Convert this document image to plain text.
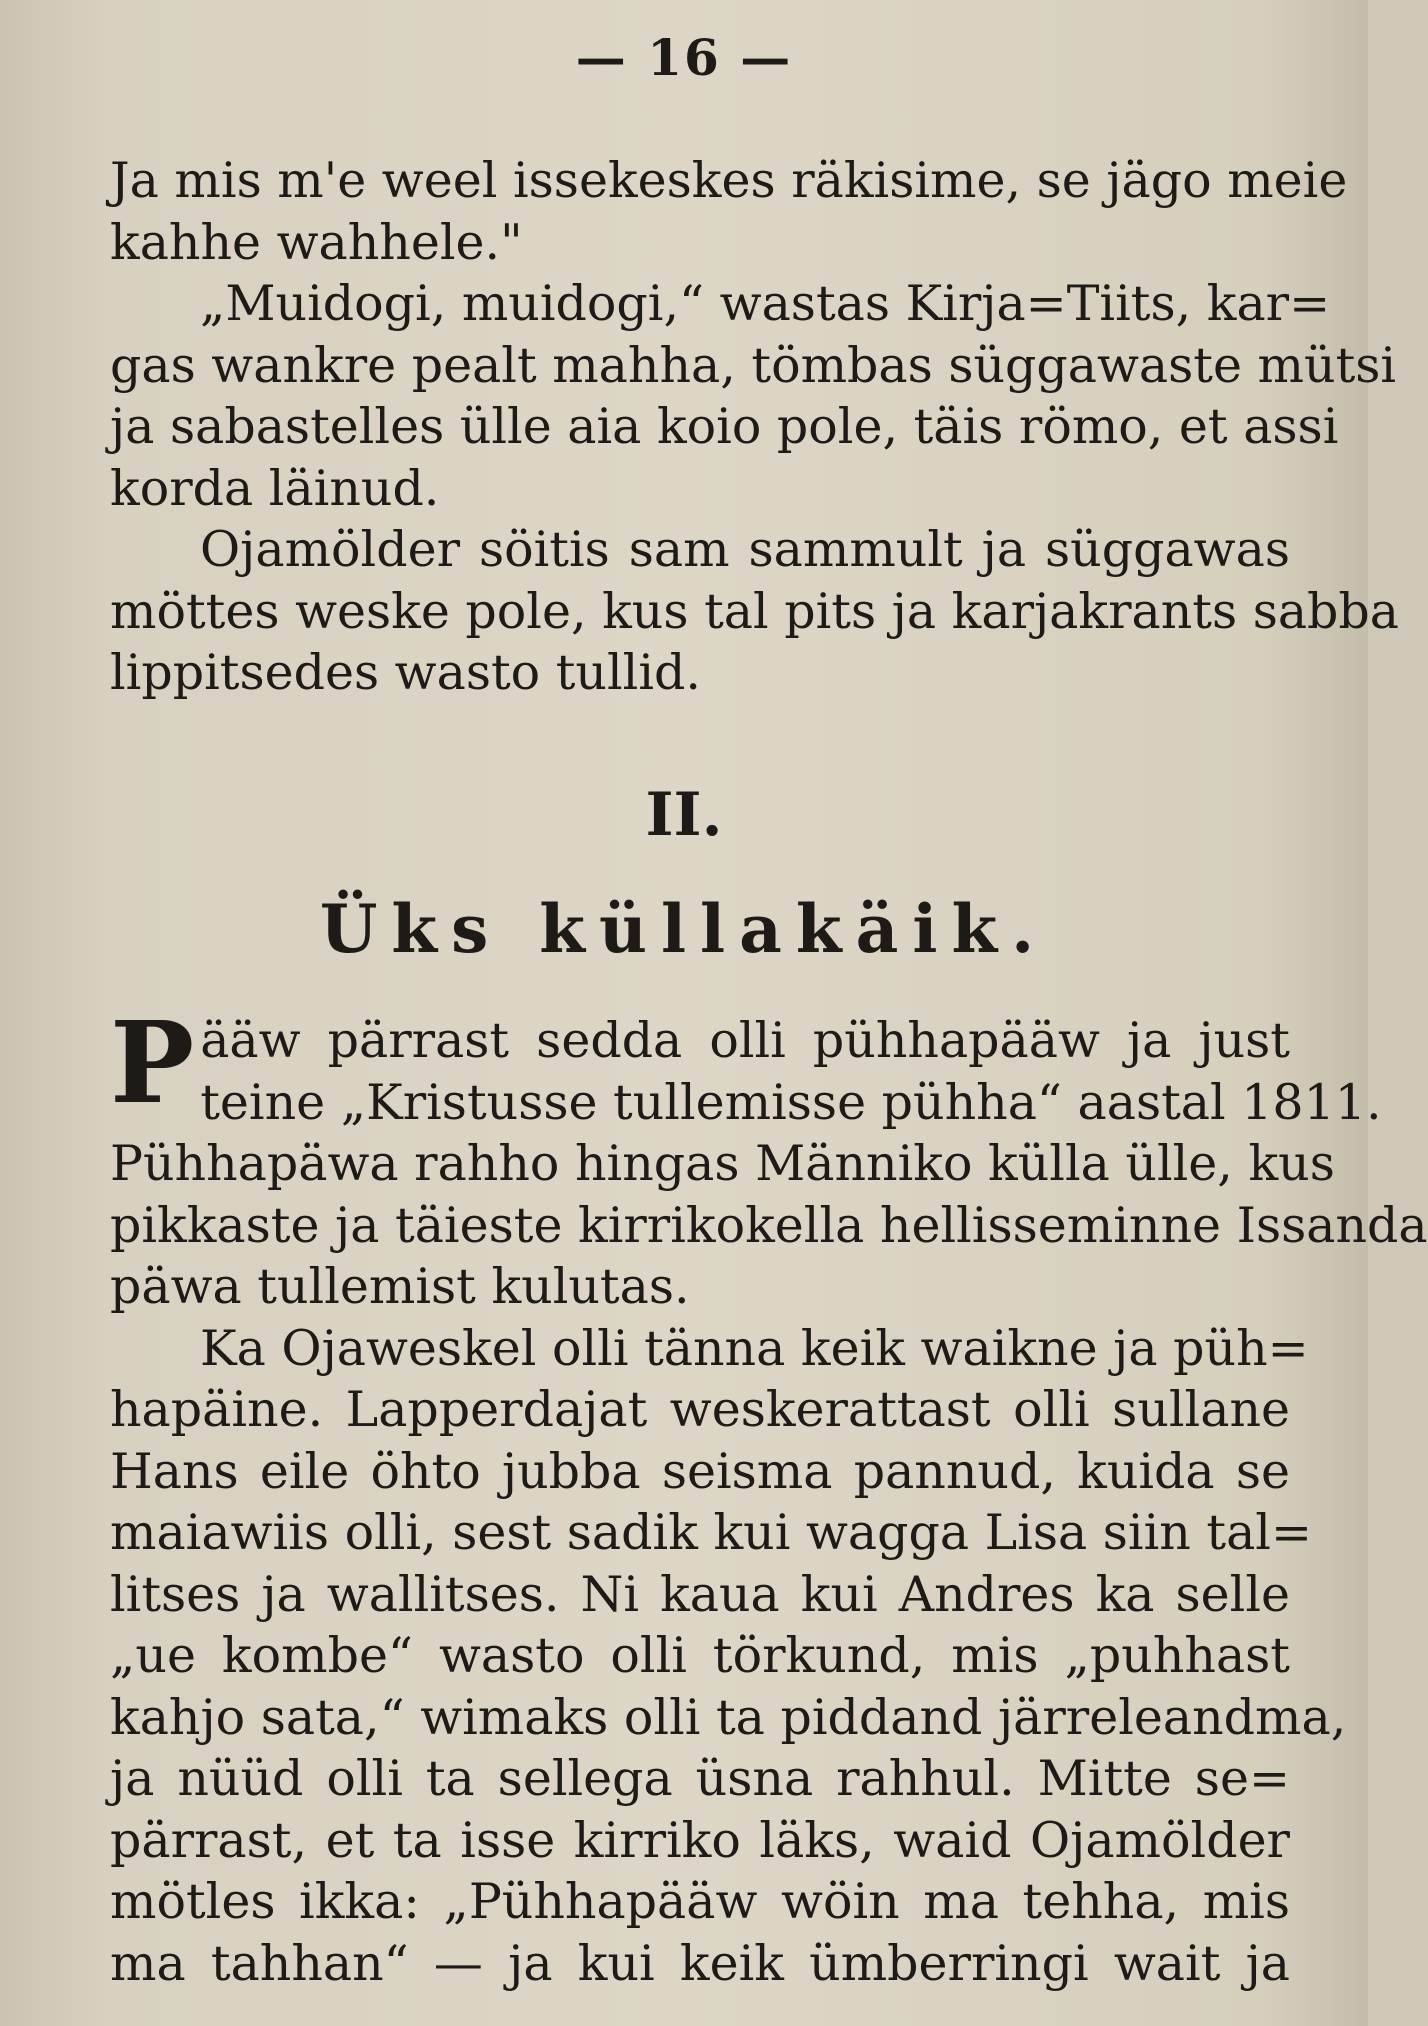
— 16 —
Ja mis m'e weel issekeskes räkisime, se jägo meie
kahhe wahhele."
„Muidogi, muidogi,“ wastas Kirja=Tiits, kar=
gas wankre pealt mahha, tömbas süggawaste mütsi
ja sabastelles ülle aia koio pole, täis römo, et assi
korda läinud.
Ojamölder söitis sam sammult ja süggawas
möttes weske pole, kus tal pits ja karjakrants sabba
lippitsedes wasto tullid.
II.
Üks küllakäik.
P ääw pärrast sedda olli pühhapääw ja just
teine „Kristusse tullemisse pühha“ aastal 1811.
Pühhapäwa rahho hingas Männiko külla ülle, kus
pikkaste ja täieste kirrikokella hellisseminne Issanda
päwa tullemist kulutas.
Ka Ojaweskel olli tänna keik waikne ja püh=
hapäine. Lapperdajat weskerattast olli sullane
Hans eile öhto jubba seisma pannud, kuida se
maiawiis olli, sest sadik kui wagga Lisa siin tal=
litses ja wallitses. Ni kaua kui Andres ka selle
„ue kombe“ wasto olli törkund, mis „puhhast
kahjo sata,“ wimaks olli ta piddand järreleandma,
ja nüüd olli ta sellega üsna rahhul. Mitte se=
pärrast, et ta isse kirriko läks, waid Ojamölder
mötles ikka: „Pühhapääw wöin ma tehha, mis
ma tahhan“ — ja kui keik ümberringi wait ja
